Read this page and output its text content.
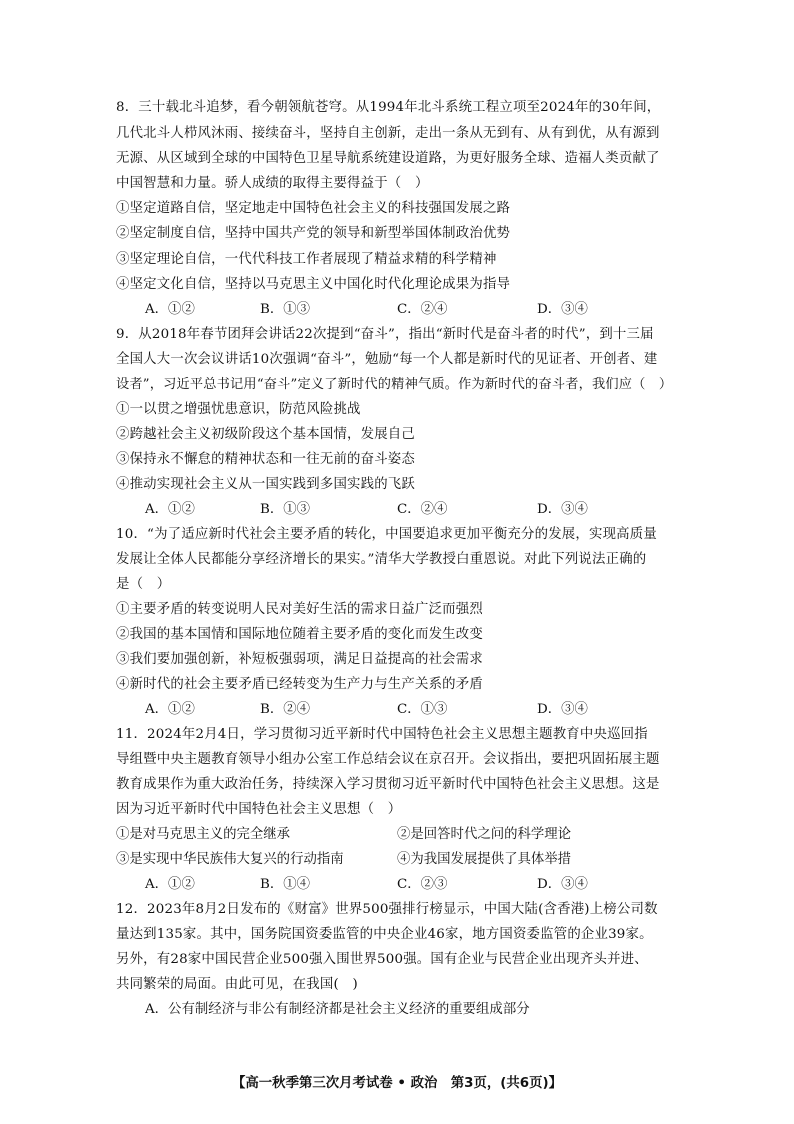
8．三十载北斗追梦，看今朝领航苍穹。从1994年北斗系统工程立项至2024年的30年间，
几代北斗人栉风沐雨、接续奋斗，坚持自主创新，走出一条从无到有、从有到优，从有源到
无源、从区域到全球的中国特色卫星导航系统建设道路，为更好服务全球、造福人类贡献了
中国智慧和力量。骄人成绩的取得主要得益于（　）
①坚定道路自信，坚定地走中国特色社会主义的科技强国发展之路
②坚定制度自信，坚持中国共产党的领导和新型举国体制政治优势
③坚定理论自信，一代代科技工作者展现了精益求精的科学精神
④坚定文化自信，坚持以马克思主义中国化时代化理论成果为指导
A．①②	B．①③	C．②④	D．③④
9．从2018年春节团拜会讲话22次提到“奋斗”，指出“新时代是奋斗者的时代”，到十三届
全国人大一次会议讲话10次强调“奋斗”，勉励“每一个人都是新时代的见证者、开创者、建
设者”，习近平总书记用“奋斗”定义了新时代的精神气质。作为新时代的奋斗者，我们应（　）
①一以贯之增强忧患意识，防范风险挑战
②跨越社会主义初级阶段这个基本国情，发展自己
③保持永不懈怠的精神状态和一往无前的奋斗姿态
④推动实现社会主义从一国实践到多国实践的飞跃
A．①②	B．①③	C．②④	D．③④
10．“为了适应新时代社会主要矛盾的转化，中国要追求更加平衡充分的发展，实现高质量
发展让全体人民都能分享经济增长的果实。”清华大学教授白重恩说。对此下列说法正确的
是（　）
①主要矛盾的转变说明人民对美好生活的需求日益广泛而强烈
②我国的基本国情和国际地位随着主要矛盾的变化而发生改变
③我们要加强创新，补短板强弱项，满足日益提高的社会需求
④新时代的社会主要矛盾已经转变为生产力与生产关系的矛盾
A．①②	B．②④	C．①③	D．③④
11．2024年2月4日，学习贯彻习近平新时代中国特色社会主义思想主题教育中央巡回指
导组暨中央主题教育领导小组办公室工作总结会议在京召开。会议指出，要把巩固拓展主题
教育成果作为重大政治任务，持续深入学习贯彻习近平新时代中国特色社会主义思想。这是
因为习近平新时代中国特色社会主义思想（　）
①是对马克思主义的完全继承	②是回答时代之问的科学理论
③是实现中华民族伟大复兴的行动指南	④为我国发展提供了具体举措
A．①②	B．①④	C．②③	D．③④
12．2023年8月2日发布的《财富》世界500强排行榜显示，中国大陆(含香港)上榜公司数
量达到135家。其中，国务院国资委监管的中央企业46家，地方国资委监管的企业39家。
另外，有28家中国民营企业500强入围世界500强。国有企业与民营企业出现齐头并进、
共同繁荣的局面。由此可见，在我国(　)
A．公有制经济与非公有制经济都是社会主义经济的重要组成部分
【高一秋季第三次月考试卷 • 政治　第3页，(共6页)】
